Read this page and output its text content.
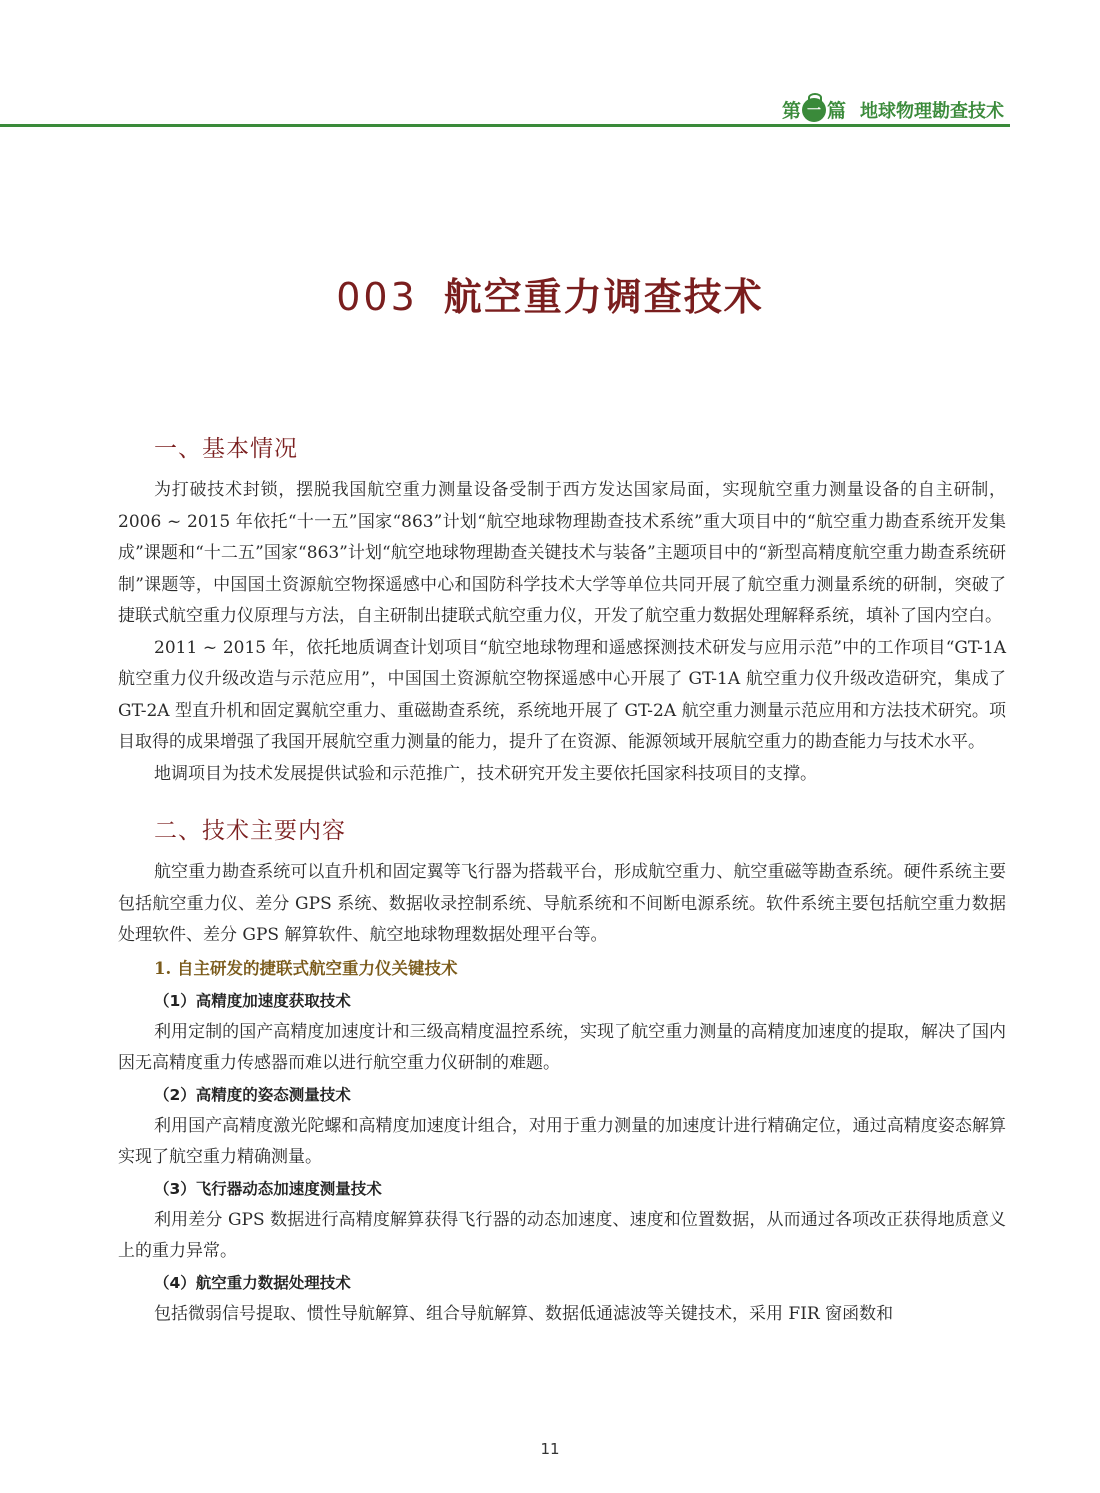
第 一 篇 地球物理勘查技术
003 航空重力调查技术
一、基本情况

为打破技术封锁，摆脱我国航空重力测量设备受制于西方发达国家局面，实现航空重力测量设备的自主研制，2006 ~ 2015 年依托“十一五”国家“863”计划“航空地球物理勘查技术系统”重大项目中的“航空重力勘查系统开发集成”课题和“十二五”国家“863”计划“航空地球物理勘查关键技术与装备”主题项目中的“新型高精度航空重力勘查系统研制”课题等，中国国土资源航空物探遥感中心和国防科学技术大学等单位共同开展了航空重力测量系统的研制，突破了捷联式航空重力仪原理与方法，自主研制出捷联式航空重力仪，开发了航空重力数据处理解释系统，填补了国内空白。

2011 ~ 2015 年，依托地质调查计划项目“航空地球物理和遥感探测技术研发与应用示范”中的工作项目“GT-1A 航空重力仪升级改造与示范应用”，中国国土资源航空物探遥感中心开展了 GT-1A 航空重力仪升级改造研究，集成了 GT-2A 型直升机和固定翼航空重力、重磁勘查系统，系统地开展了 GT-2A 航空重力测量示范应用和方法技术研究。项目取得的成果增强了我国开展航空重力测量的能力，提升了在资源、能源领域开展航空重力的勘查能力与技术水平。

地调项目为技术发展提供试验和示范推广，技术研究开发主要依托国家科技项目的支撑。

二、技术主要内容

航空重力勘查系统可以直升机和固定翼等飞行器为搭载平台，形成航空重力、航空重磁等勘查系统。硬件系统主要包括航空重力仪、差分 GPS 系统、数据收录控制系统、导航系统和不间断电源系统。软件系统主要包括航空重力数据处理软件、差分 GPS 解算软件、航空地球物理数据处理平台等。

1. 自主研发的捷联式航空重力仪关键技术
（1）高精度加速度获取技术

利用定制的国产高精度加速度计和三级高精度温控系统，实现了航空重力测量的高精度加速度的提取，解决了国内因无高精度重力传感器而难以进行航空重力仪研制的难题。

（2）高精度的姿态测量技术

利用国产高精度激光陀螺和高精度加速度计组合，对用于重力测量的加速度计进行精确定位，通过高精度姿态解算实现了航空重力精确测量。

（3）飞行器动态加速度测量技术

利用差分 GPS 数据进行高精度解算获得飞行器的动态加速度、速度和位置数据，从而通过各项改正获得地质意义上的重力异常。

（4）航空重力数据处理技术

包括微弱信号提取、惯性导航解算、组合导航解算、数据低通滤波等关键技术，采用 FIR 窗函数和

11
